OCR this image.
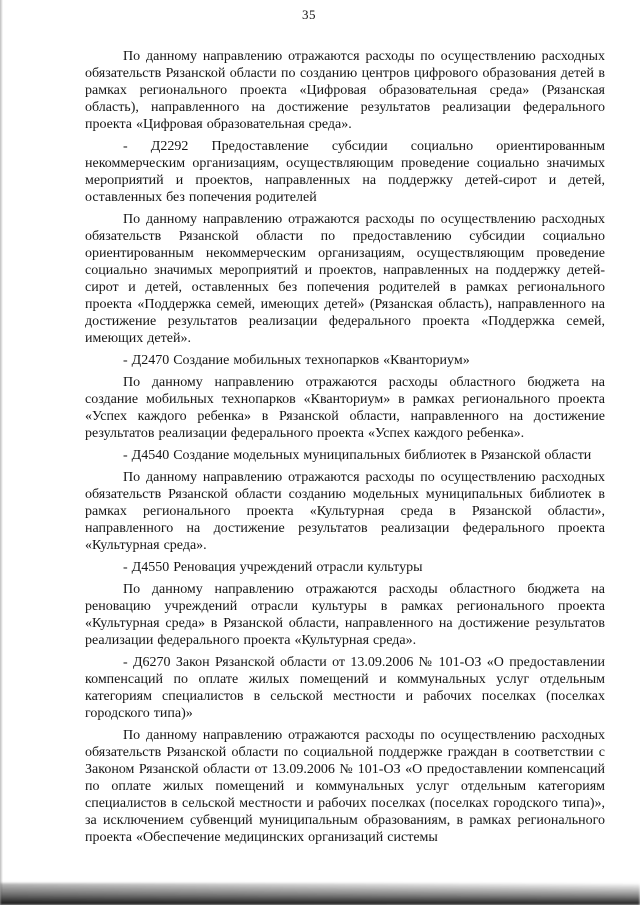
35

По данному направлению отражаются расходы по осуществлению расходных обязательств Рязанской области по созданию центров цифрового образования детей в рамках регионального проекта «Цифровая образовательная среда» (Рязанская область), направленного на достижение результатов реализации федерального проекта «Цифровая образовательная среда».

- Д2292 Предоставление субсидии социально ориентированным некоммерческим организациям, осуществляющим проведение социально значимых мероприятий и проектов, направленных на поддержку детей-сирот и детей, оставленных без попечения родителей

По данному направлению отражаются расходы по осуществлению расходных обязательств Рязанской области по предоставлению субсидии социально ориентированным некоммерческим организациям, осуществляющим проведение социально значимых мероприятий и проектов, направленных на поддержку детей-сирот и детей, оставленных без попечения родителей в рамках регионального проекта «Поддержка семей, имеющих детей» (Рязанская область), направленного на достижение результатов реализации федерального проекта «Поддержка семей, имеющих детей».

- Д2470 Создание мобильных технопарков «Кванториум»

По данному направлению отражаются расходы областного бюджета на создание мобильных технопарков «Кванториум» в рамках регионального проекта «Успех каждого ребенка» в Рязанской области, направленного на достижение результатов реализации федерального проекта «Успех каждого ребенка».

- Д4540 Создание модельных муниципальных библиотек в Рязанской области

По данному направлению отражаются расходы по осуществлению расходных обязательств Рязанской области созданию модельных муниципальных библиотек в рамках регионального проекта «Культурная среда в Рязанской области», направленного на достижение результатов реализации федерального проекта «Культурная среда».

- Д4550 Реновация учреждений отрасли культуры

По данному направлению отражаются расходы областного бюджета на реновацию учреждений отрасли культуры в рамках регионального проекта «Культурная среда» в Рязанской области, направленного на достижение результатов реализации федерального проекта «Культурная среда».

- Д6270 Закон Рязанской области от 13.09.2006 № 101-ОЗ «О предоставлении компенсаций по оплате жилых помещений и коммунальных услуг отдельным категориям специалистов в сельской местности и рабочих поселках (поселках городского типа)»

По данному направлению отражаются расходы по осуществлению расходных обязательств Рязанской области по социальной поддержке граждан в соответствии с Законом Рязанской области от 13.09.2006 № 101-ОЗ «О предоставлении компенсаций по оплате жилых помещений и коммунальных услуг отдельным категориям специалистов в сельской местности и рабочих поселках (поселках городского типа)», за исключением субвенций муниципальным образованиям, в рамках регионального проекта «Обеспечение медицинских организаций системы
